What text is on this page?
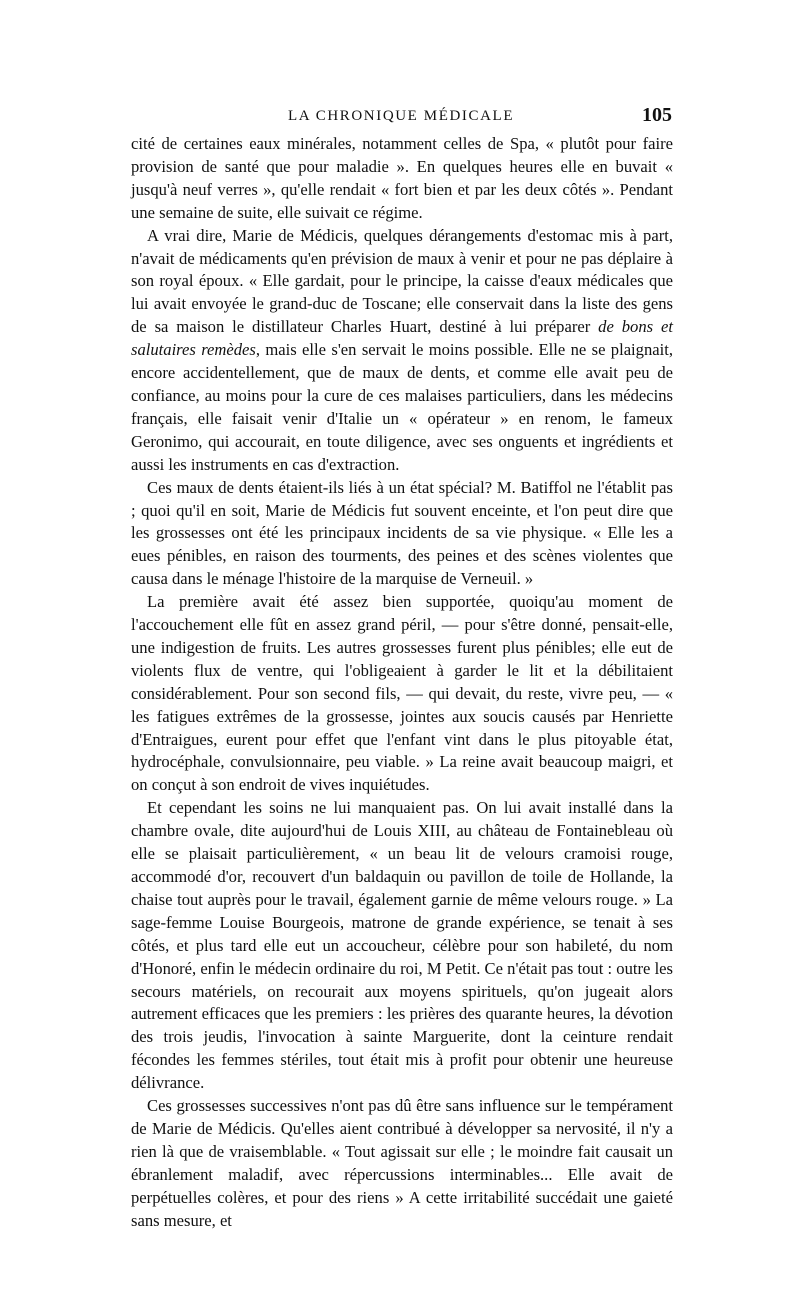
LA CHRONIQUE MÉDICALE	105

cité de certaines eaux minérales, notamment celles de Spa, « plutôt pour faire provision de santé que pour maladie ». En quelques heures elle en buvait « jusqu'à neuf verres », qu'elle rendait « fort bien et par les deux côtés ». Pendant une semaine de suite, elle suivait ce régime.

A vrai dire, Marie de Médicis, quelques dérangements d'estomac mis à part, n'avait de médicaments qu'en prévision de maux à venir et pour ne pas déplaire à son royal époux. « Elle gardait, pour le principe, la caisse d'eaux médicales que lui avait envoyée le grand-duc de Toscane; elle conservait dans la liste des gens de sa maison le distillateur Charles Huart, destiné à lui préparer de bons et salutaires remèdes, mais elle s'en servait le moins possible. Elle ne se plaignait, encore accidentellement, que de maux de dents, et comme elle avait peu de confiance, au moins pour la cure de ces malaises particuliers, dans les médecins français, elle faisait venir d'Italie un « opérateur » en renom, le fameux Geronimo, qui accourait, en toute diligence, avec ses onguents et ingrédients et aussi les instruments en cas d'extraction.

Ces maux de dents étaient-ils liés à un état spécial? M. Batiffol ne l'établit pas ; quoi qu'il en soit, Marie de Médicis fut souvent enceinte, et l'on peut dire que les grossesses ont été les principaux incidents de sa vie physique. « Elle les a eues pénibles, en raison des tourments, des peines et des scènes violentes que causa dans le ménage l'histoire de la marquise de Verneuil. »

La première avait été assez bien supportée, quoiqu'au moment de l'accouchement elle fût en assez grand péril, — pour s'être donné, pensait-elle, une indigestion de fruits. Les autres grossesses furent plus pénibles; elle eut de violents flux de ventre, qui l'obligeaient à garder le lit et la débilitaient considérablement. Pour son second fils, — qui devait, du reste, vivre peu, — « les fatigues extrêmes de la grossesse, jointes aux soucis causés par Henriette d'Entraigues, eurent pour effet que l'enfant vint dans le plus pitoyable état, hydrocéphale, convulsionnaire, peu viable. » La reine avait beaucoup maigri, et on conçut à son endroit de vives inquiétudes.

Et cependant les soins ne lui manquaient pas. On lui avait installé dans la chambre ovale, dite aujourd'hui de Louis XIII, au château de Fontainebleau où elle se plaisait particulièrement, « un beau lit de velours cramoisi rouge, accommodé d'or, recouvert d'un baldaquin ou pavillon de toile de Hollande, la chaise tout auprès pour le travail, également garnie de même velours rouge. » La sage-femme Louise Bourgeois, matrone de grande expérience, se tenait à ses côtés, et plus tard elle eut un accoucheur, célèbre pour son habileté, du nom d'Honoré, enfin le médecin ordinaire du roi, M Petit. Ce n'était pas tout : outre les secours matériels, on recourait aux moyens spirituels, qu'on jugeait alors autrement efficaces que les premiers : les prières des quarante heures, la dévotion des trois jeudis, l'invocation à sainte Marguerite, dont la ceinture rendait fécondes les femmes stériles, tout était mis à profit pour obtenir une heureuse délivrance.

Ces grossesses successives n'ont pas dû être sans influence sur le tempérament de Marie de Médicis. Qu'elles aient contribué à développer sa nervosité, il n'y a rien là que de vraisemblable. « Tout agissait sur elle ; le moindre fait causait un ébranlement maladif, avec répercussions interminables... Elle avait de perpétuelles colères, et pour des riens » A cette irritabilité succédait une gaieté sans mesure, et
